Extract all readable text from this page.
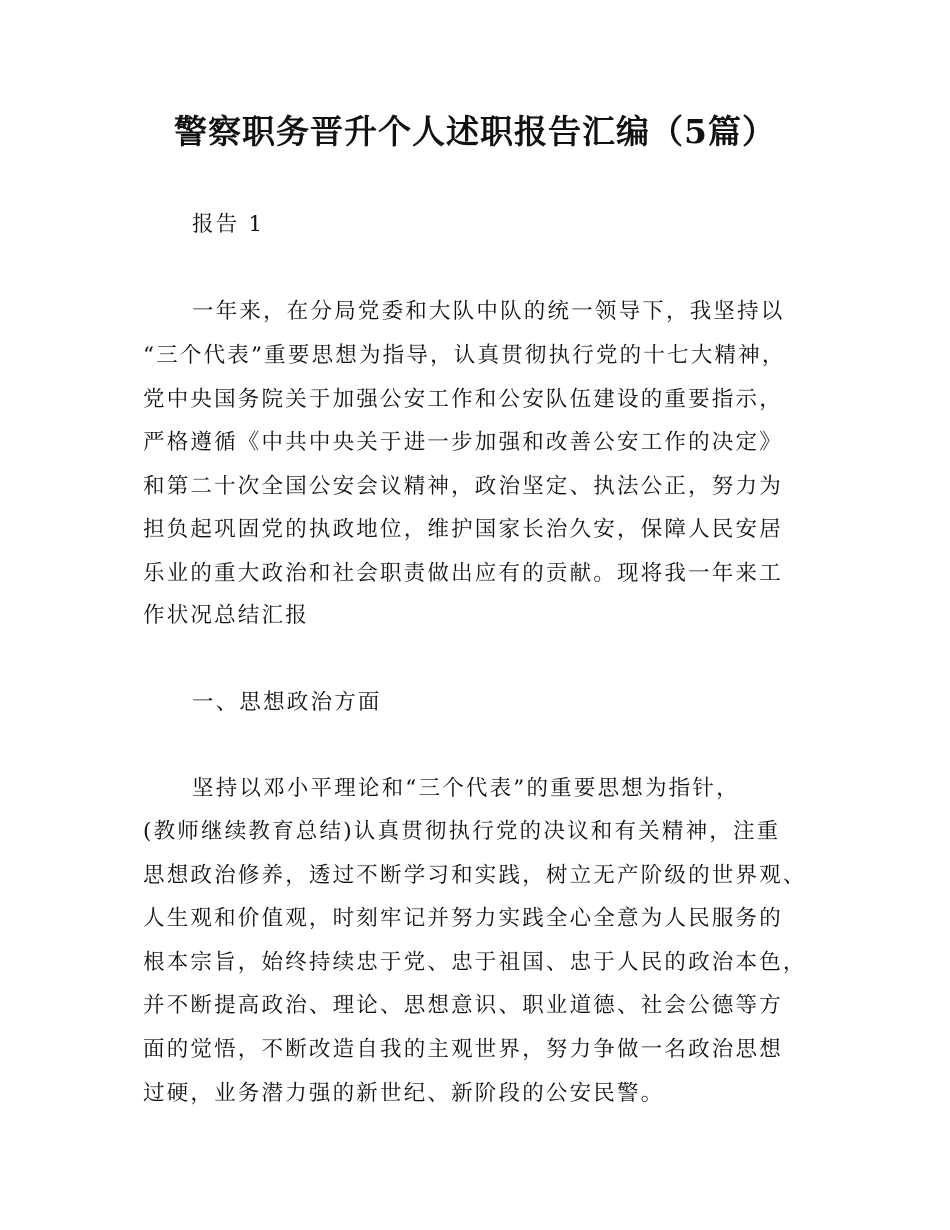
警察职务晋升个人述职报告汇编（5篇）

报告 1

一年来，在分局党委和大队中队的统一领导下，我坚持以

“三个代表”重要思想为指导，认真贯彻执行党的十七大精神，

党中央国务院关于加强公安工作和公安队伍建设的重要指示，

严格遵循《中共中央关于进一步加强和改善公安工作的决定》

和第二十次全国公安会议精神，政治坚定、执法公正，努力为

担负起巩固党的执政地位，维护国家长治久安，保障人民安居

乐业的重大政治和社会职责做出应有的贡献。现将我一年来工

作状况总结汇报

一、思想政治方面

坚持以邓小平理论和“三个代表”的重要思想为指针，

(教师继续教育总结)认真贯彻执行党的决议和有关精神，注重

思想政治修养，透过不断学习和实践，树立无产阶级的世界观、

人生观和价值观，时刻牢记并努力实践全心全意为人民服务的

根本宗旨，始终持续忠于党、忠于祖国、忠于人民的政治本色，

并不断提高政治、理论、思想意识、职业道德、社会公德等方

面的觉悟，不断改造自我的主观世界，努力争做一名政治思想

过硬，业务潜力强的新世纪、新阶段的公安民警。
